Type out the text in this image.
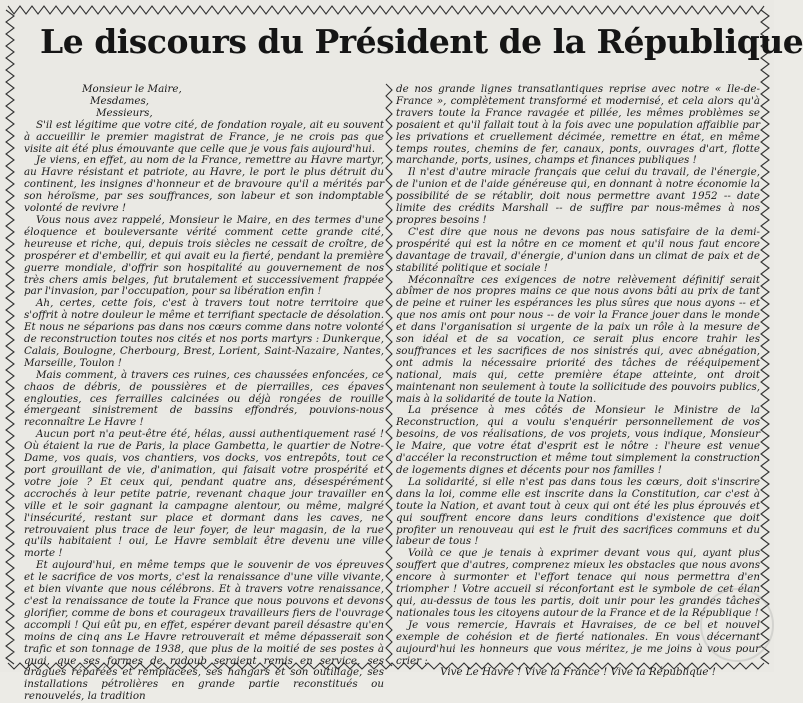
Le discours du Président de la République

Monsieur le Maire,

Mesdames,

Messieurs,

S'il est légitime que votre cité, de fondation royale, ait eu souvent à accueillir le premier magistrat de France, je ne crois pas que visite ait été plus émouvante que celle que je vous fais aujourd'hui.

Je viens, en effet, au nom de la France, remettre au Havre martyr, au Havre résistant et patriote, au Havre, le port le plus détruit du continent, les insignes d'honneur et de bravoure qu'il a mérités par son héroïsme, par ses souffrances, son labeur et son indomptable volonté de revivre !

Vous nous avez rappelé, Monsieur le Maire, en des termes d'une éloquence et bouleversante vérité comment cette grande cité, heureuse et riche, qui, depuis trois siècles ne cessait de croître, de prospérer et d'embellir, et qui avait eu la fierté, pendant la première guerre mondiale, d'offrir son hospitalité au gouvernement de nos très chers amis belges, fut brutalement et successivement frappée par l'invasion, par l'occupation, pour sa libération enfin !

Ah, certes, cette fois, c'est à travers tout notre territoire que s'offrit à notre douleur le même et terrifiant spectacle de désolation. Et nous ne séparions pas dans nos cœurs comme dans notre volonté de reconstruction toutes nos cités et nos ports martyrs : Dunkerque, Calais, Boulogne, Cherbourg, Brest, Lorient, Saint-Nazaire, Nantes, Marseille, Toulon !

Mais comment, à travers ces ruines, ces chaussées enfoncées, ce chaos de débris, de poussières et de pierrailles, ces épaves englouties, ces ferrailles calcinées ou déjà rongées de rouille émergeant sinistrement de bassins effondrés, pouvions-nous reconnaître Le Havre !

Aucun port n'a peut-être été, hélas, aussi authentiquement rasé ! Où étaient la rue de Paris, la place Gambetta, le quartier de Notre-Dame, vos quais, vos chantiers, vos docks, vos entrepôts, tout ce port grouillant de vie, d'animation, qui faisait votre prospérité et votre joie ? Et ceux qui, pendant quatre ans, désespérément accrochés à leur petite patrie, revenant chaque jour travailler en ville et le soir gagnant la campagne alentour, ou même, malgré l'insécurité, restant sur place et dormant dans les caves, ne retrouvaient plus trace de leur foyer, de leur magasin, de la rue qu'ils habitaient ! oui, Le Havre semblait être devenu une ville morte !

Et aujourd'hui, en même temps que le souvenir de vos épreuves et le sacrifice de vos morts, c'est la renaissance d'une ville vivante, et bien vivante que nous célébrons. Et à travers votre renaissance, c'est la renaissance de toute la France que nous pouvons et devons glorifier, comme de bons et courageux travailleurs fiers de l'ouvrage accompli ! Qui eût pu, en effet, espérer devant pareil désastre qu'en moins de cinq ans Le Havre retrouverait et même dépasserait son trafic et son tonnage de 1938, que plus de la moitié de ses postes à quai, que ses formes de radoub seraient remis en service, ses dragues réparées et remplacées, ses hangars et son outillage, ses installations pétrolières en grande partie reconstitués ou renouvelés, la tradition

de nos grande lignes transatlantiques reprise avec notre « Ile-de-France », complètement transformé et modernisé, et cela alors qu'à travers toute la France ravagée et pillée, les mêmes problèmes se posaient et qu'il fallait tout à la fois avec une population affaiblie par les privations et cruellement décimée, remettre en état, en même temps routes, chemins de fer, canaux, ponts, ouvrages d'art, flotte marchande, ports, usines, champs et finances publiques !

Il n'est d'autre miracle français que celui du travail, de l'énergie, de l'union et de l'aide généreuse qui, en donnant à notre économie la possibilité de se rétablir, doit nous permettre avant 1952 -- date limite des crédits Marshall -- de suffire par nous-mêmes à nos propres besoins !

C'est dire que nous ne devons pas nous satisfaire de la demi-prospérité qui est la nôtre en ce moment et qu'il nous faut encore davantage de travail, d'énergie, d'union dans un climat de paix et de stabilité politique et sociale !

Méconnaître ces exigences de notre relèvement définitif serait abîmer de nos propres mains ce que nous avons bâti au prix de tant de peine et ruiner les espérances les plus sûres que nous ayons -- et que nos amis ont pour nous -- de voir la France jouer dans le monde et dans l'organisation si urgente de la paix un rôle à la mesure de son idéal et de sa vocation, ce serait plus encore trahir les souffrances et les sacrifices de nos sinistrés qui, avec abnégation, ont admis la nécessaire priorité des tâches de rééquipement national, mais qui, cette première étape atteinte, ont droit maintenant non seulement à toute la sollicitude des pouvoirs publics, mais à la solidarité de toute la Nation.

La présence à mes côtés de Monsieur le Ministre de la Reconstruction, qui a voulu s'enquérir personnellement de vos besoins, de vos réalisations, de vos projets, vous indique, Monsieur le Maire, que votre état d'esprit est le nôtre : l'heure est venue d'accéler la reconstruction et même tout simplement la construction de logements dignes et décents pour nos familles !

La solidarité, si elle n'est pas dans tous les cœurs, doit s'inscrire dans la loi, comme elle est inscrite dans la Constitution, car c'est à toute la Nation, et avant tout à ceux qui ont été les plus éprouvés et qui souffrent encore dans leurs conditions d'existence que doit profiter un renouveau qui est le fruit des sacrifices communs et du labeur de tous !

Voilà ce que je tenais à exprimer devant vous qui, ayant plus souffert que d'autres, comprenez mieux les obstacles que nous avons encore à surmonter et l'effort tenace qui nous permettra d'en triompher ! Votre accueil si réconfortant est le symbole de cet élan qui, au-dessus de tous les partis, doit unir pour les grandes tâches nationales tous les citoyens autour de la France et de la République !

Je vous remercie, Havrais et Havraises, de ce bel et nouvel exemple de cohésion et de fierté nationales. En vous décernant aujourd'hui les honneurs que vous méritez, je me joins à vous pour crier :

Vive Le Havre ! Vive la France ! Vive la République !
